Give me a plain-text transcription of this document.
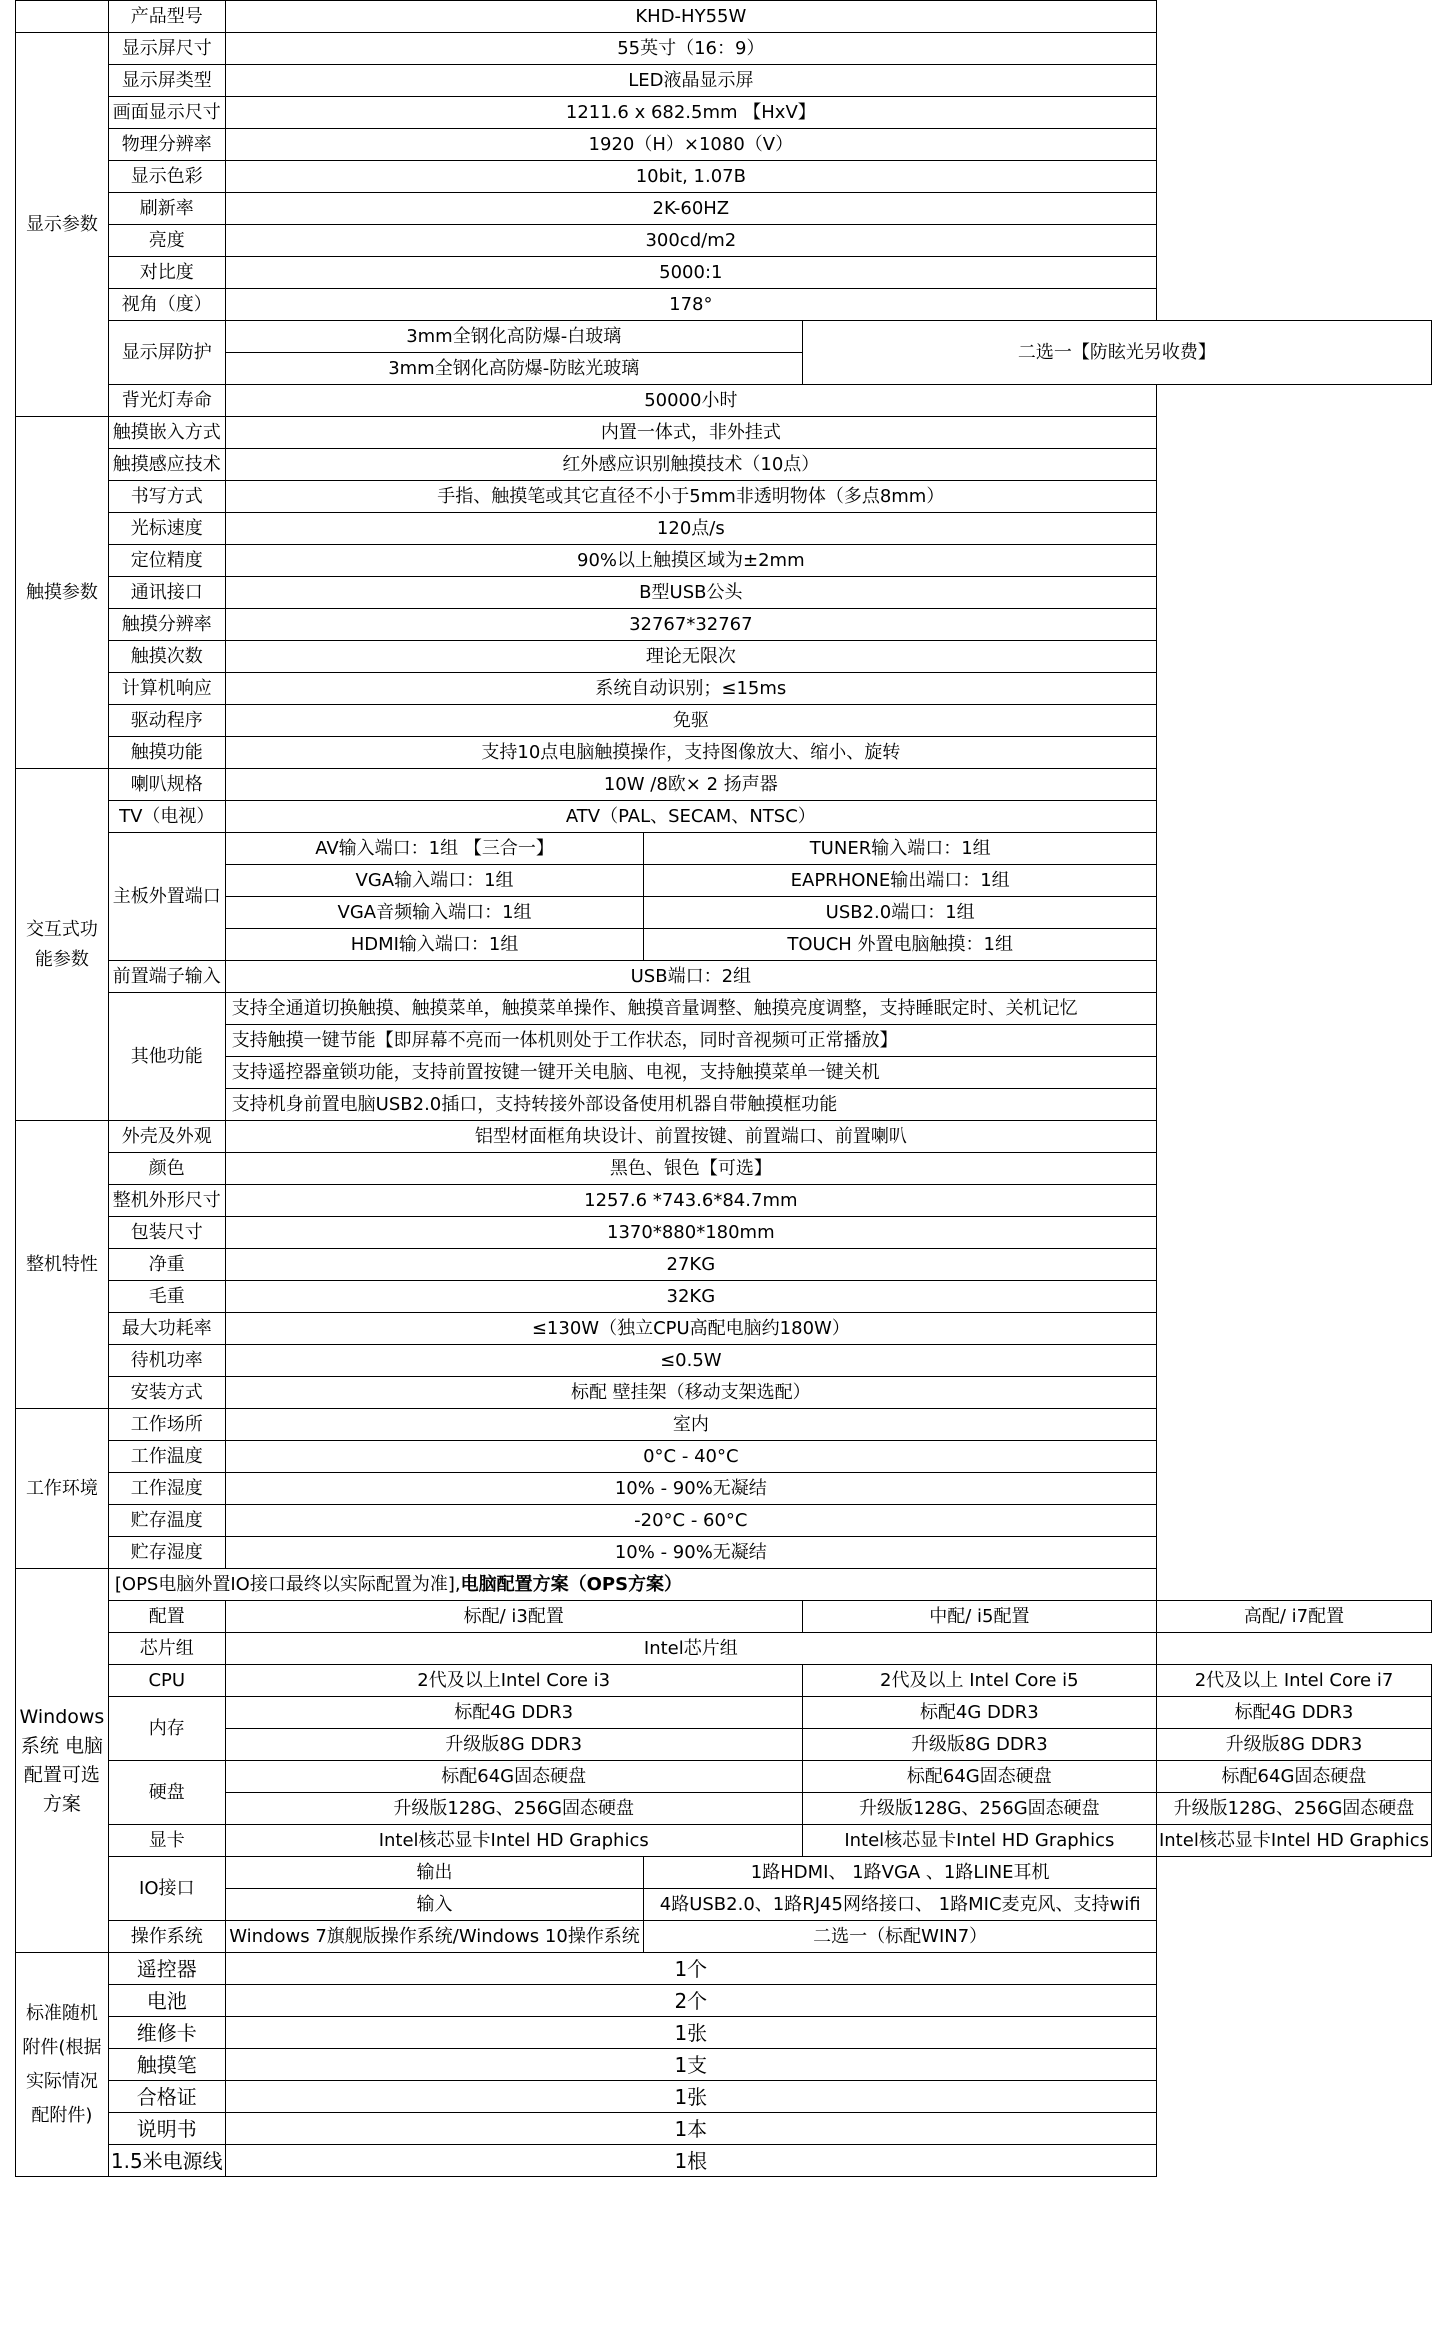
	产品型号	KHD-HY55W			
显示参数	显示屏尺寸	55英寸（16：9）			
	显示屏类型	LED液晶显示屏			
	画面显示尺寸	1211.6 x 682.5mm 【HxV】			
	物理分辨率	1920（H）×1080（V）			
	显示色彩	10bit, 1.07B			
	刷新率	2K-60HZ			
	亮度	300cd/m2			
	对比度	5000:1			
	视角（度）	178°			
	显示屏防护	3mm全钢化高防爆-白玻璃		二选一【防眩光另收费】	
		3mm全钢化高防爆-防眩光玻璃			
	背光灯寿命	50000小时			
触摸参数	触摸嵌入方式	内置一体式，非外挂式			
	触摸感应技术	红外感应识别触摸技术（10点）			
	书写方式	手指、触摸笔或其它直径不小于5mm非透明物体（多点8mm）			
	光标速度	120点/s			
	定位精度	90%以上触摸区域为±2mm			
	通讯接口	B型USB公头			
	触摸分辨率	32767*32767			
	触摸次数	理论无限次			
	计算机响应	系统自动识别；≤15ms			
	驱动程序	免驱			
	触摸功能	支持10点电脑触摸操作，支持图像放大、缩小、旋转			
交互式功能参数	喇叭规格	10W /8欧× 2 扬声器			
	TV（电视）	ATV（PAL、SECAM、NTSC）			
	主板外置端口	AV输入端口：1组 【三合一】	TUNER输入端口：1组		
		VGA输入端口：1组	EAPRHONE输出端口：1组		
		VGA音频输入端口：1组	USB2.0端口：1组		
		HDMI输入端口：1组	TOUCH 外置电脑触摸：1组		
	前置端子输入	USB端口：2组			
	其他功能	支持全通道切换触摸、触摸菜单，触摸菜单操作、触摸音量调整、触摸亮度调整，支持睡眠定时、关机记忆			
		支持触摸一键节能【即屏幕不亮而一体机则处于工作状态，同时音视频可正常播放】			
		支持遥控器童锁功能，支持前置按键一键开关电脑、电视，支持触摸菜单一键关机			
		支持机身前置电脑USB2.0插口，支持转接外部设备使用机器自带触摸框功能			
整机特性	外壳及外观	铝型材面框角块设计、前置按键、前置端口、前置喇叭			
	颜色	黑色、银色【可选】			
	整机外形尺寸	1257.6 *743.6*84.7mm			
	包装尺寸	1370*880*180mm			
	净重	27KG			
	毛重	32KG			
	最大功耗率	≤130W（独立CPU高配电脑约180W）			
	待机功率	≤0.5W			
	安装方式	标配 壁挂架（移动支架选配）			
工作环境	工作场所	室内			
	工作温度	0°C - 40°C			
	工作湿度	10% - 90%无凝结			
	贮存温度	-20°C - 60°C			
	贮存湿度	10% - 90%无凝结			
Windows系统 电脑配置可选方案	[OPS电脑外置IO接口最终以实际配置为准],电脑配置方案（OPS方案）				
	配置	标配/ i3配置		中配/ i5配置	高配/ i7配置
	芯片组	Intel芯片组			
	CPU	2代及以上Intel Core i3		2代及以上 Intel Core i5	2代及以上 Intel Core i7
	内存	标配4G DDR3		标配4G DDR3	标配4G DDR3
		升级版8G DDR3		升级版8G DDR3	升级版8G DDR3
	硬盘	标配64G固态硬盘		标配64G固态硬盘	标配64G固态硬盘
		升级版128G、256G固态硬盘		升级版128G、256G固态硬盘	升级版128G、256G固态硬盘
	显卡	Intel核芯显卡Intel HD Graphics		Intel核芯显卡Intel HD Graphics	Intel核芯显卡Intel HD Graphics
	IO接口	输出	1路HDMI、 1路VGA 、1路LINE耳机		
		输入	4路USB2.0、1路RJ45网络接口、 1路MIC麦克风、支持wifi		
	操作系统	Windows 7旗舰版操作系统/Windows 10操作系统	二选一（标配WIN7）		
标准随机附件(根据实际情况配附件)	遥控器	1个			
	电池	2个			
	维修卡	1张			
	触摸笔	1支			
	合格证	1张			
	说明书	1本			
	1.5米电源线	1根			
